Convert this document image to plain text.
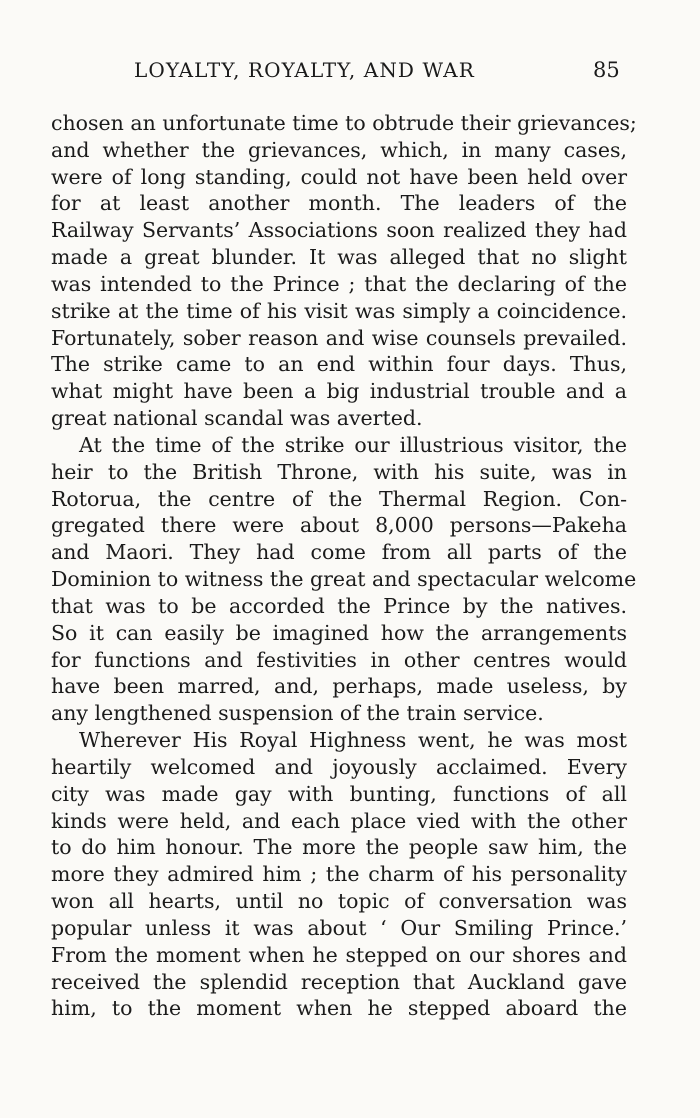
LOYALTY, ROYALTY, AND WAR	85
chosen an unfortunate time to obtrude their grievances;
and whether the grievances, which, in many cases,
were of long standing, could not have been held over
for at least another month. The leaders of the
Railway Servants’ Associations soon realized they had
made a great blunder. It was alleged that no slight
was intended to the Prince ; that the declaring of the
strike at the time of his visit was simply a coincidence.
Fortunately, sober reason and wise counsels prevailed.
The strike came to an end within four days. Thus,
what might have been a big industrial trouble and a
great national scandal was averted.
At the time of the strike our illustrious visitor, the
heir to the British Throne, with his suite, was in
Rotorua, the centre of the Thermal Region. Con-
gregated there were about 8,000 persons—Pakeha
and Maori. They had come from all parts of the
Dominion to witness the great and spectacular welcome
that was to be accorded the Prince by the natives.
So it can easily be imagined how the arrangements
for functions and festivities in other centres would
have been marred, and, perhaps, made useless, by
any lengthened suspension of the train service.
Wherever His Royal Highness went, he was most
heartily welcomed and joyously acclaimed. Every
city was made gay with bunting, functions of all
kinds were held, and each place vied with the other
to do him honour. The more the people saw him, the
more they admired him ; the charm of his personality
won all hearts, until no topic of conversation was
popular unless it was about ‘ Our Smiling Prince.’
From the moment when he stepped on our shores and
received the splendid reception that Auckland gave
him, to the moment when he stepped aboard the
